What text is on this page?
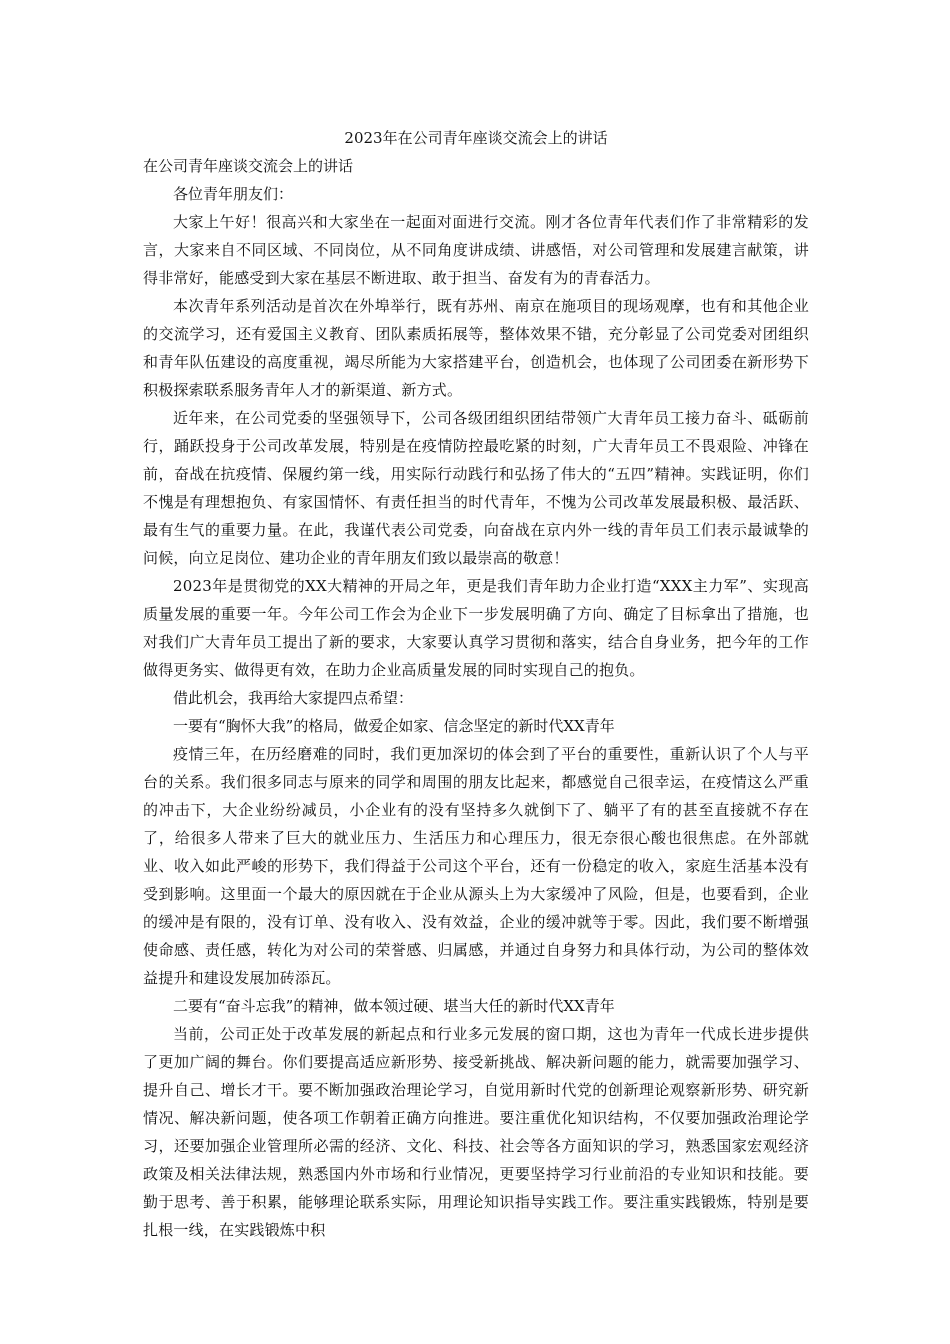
2023年在公司青年座谈交流会上的讲话

在公司青年座谈交流会上的讲话

各位青年朋友们：

大家上午好！很高兴和大家坐在一起面对面进行交流。刚才各位青年代表们作了非常精彩的发言，大家来自不同区域、不同岗位，从不同角度讲成绩、讲感悟，对公司管理和发展建言献策，讲得非常好，能感受到大家在基层不断进取、敢于担当、奋发有为的青春活力。

本次青年系列活动是首次在外埠举行，既有苏州、南京在施项目的现场观摩，也有和其他企业的交流学习，还有爱国主义教育、团队素质拓展等，整体效果不错，充分彰显了公司党委对团组织和青年队伍建设的高度重视，竭尽所能为大家搭建平台，创造机会，也体现了公司团委在新形势下积极探索联系服务青年人才的新渠道、新方式。

近年来，在公司党委的坚强领导下，公司各级团组织团结带领广大青年员工接力奋斗、砥砺前行，踊跃投身于公司改革发展，特别是在疫情防控最吃紧的时刻，广大青年员工不畏艰险、冲锋在前，奋战在抗疫情、保履约第一线，用实际行动践行和弘扬了伟大的“五四”精神。实践证明，你们不愧是有理想抱负、有家国情怀、有责任担当的时代青年，不愧为公司改革发展最积极、最活跃、最有生气的重要力量。在此，我谨代表公司党委，向奋战在京内外一线的青年员工们表示最诚挚的问候，向立足岗位、建功企业的青年朋友们致以最崇高的敬意！

2023年是贯彻党的XX大精神的开局之年，更是我们青年助力企业打造“XXX主力军”、实现高质量发展的重要一年。今年公司工作会为企业下一步发展明确了方向、确定了目标拿出了措施，也对我们广大青年员工提出了新的要求，大家要认真学习贯彻和落实，结合自身业务，把今年的工作做得更务实、做得更有效，在助力企业高质量发展的同时实现自己的抱负。

借此机会，我再给大家提四点希望：

一要有“胸怀大我”的格局，做爱企如家、信念坚定的新时代XX青年

疫情三年，在历经磨难的同时，我们更加深切的体会到了平台的重要性，重新认识了个人与平台的关系。我们很多同志与原来的同学和周围的朋友比起来，都感觉自己很幸运，在疫情这么严重的冲击下，大企业纷纷减员，小企业有的没有坚持多久就倒下了、躺平了有的甚至直接就不存在了，给很多人带来了巨大的就业压力、生活压力和心理压力，很无奈很心酸也很焦虑。在外部就业、收入如此严峻的形势下，我们得益于公司这个平台，还有一份稳定的收入，家庭生活基本没有受到影响。这里面一个最大的原因就在于企业从源头上为大家缓冲了风险，但是，也要看到，企业的缓冲是有限的，没有订单、没有收入、没有效益，企业的缓冲就等于零。因此，我们要不断增强使命感、责任感，转化为对公司的荣誉感、归属感，并通过自身努力和具体行动，为公司的整体效益提升和建设发展加砖添瓦。

二要有“奋斗忘我”的精神，做本领过硬、堪当大任的新时代XX青年

当前，公司正处于改革发展的新起点和行业多元发展的窗口期，这也为青年一代成长进步提供了更加广阔的舞台。你们要提高适应新形势、接受新挑战、解决新问题的能力，就需要加强学习、提升自己、增长才干。要不断加强政治理论学习，自觉用新时代党的创新理论观察新形势、研究新情况、解决新问题，使各项工作朝着正确方向推进。要注重优化知识结构，不仅要加强政治理论学习，还要加强企业管理所必需的经济、文化、科技、社会等各方面知识的学习，熟悉国家宏观经济政策及相关法律法规，熟悉国内外市场和行业情况，更要坚持学习行业前沿的专业知识和技能。要勤于思考、善于积累，能够理论联系实际，用理论知识指导实践工作。要注重实践锻炼，特别是要扎根一线，在实践锻炼中积
